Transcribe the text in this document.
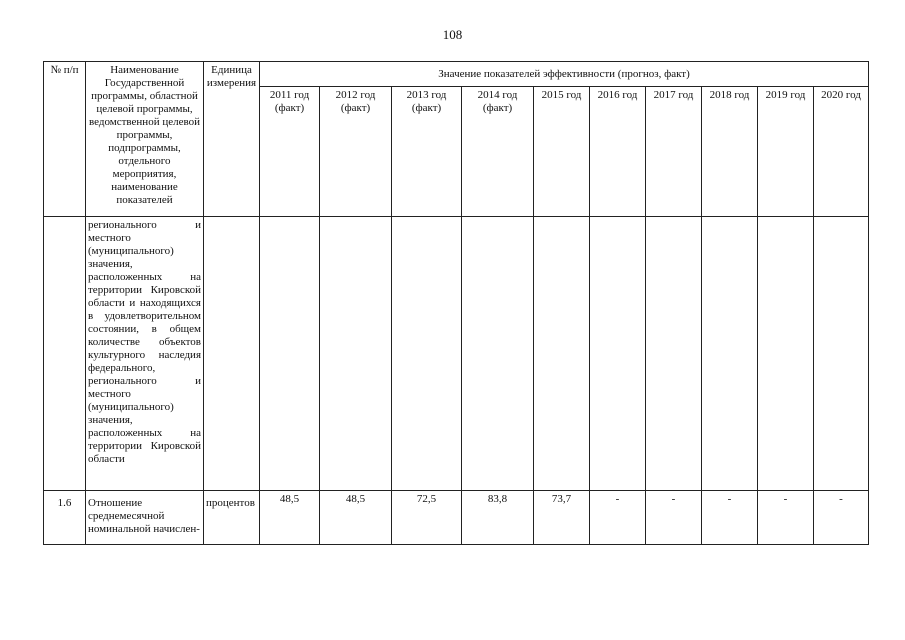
108
№ п/п	Наименование Государственной программы, областной целевой программы, ведомственной целевой программы, подпрограммы, отдельного мероприятия, наименование показателей	Единица измерения	Значение показателей эффективности (прогноз, факт)									
			2011 год (факт)	2012 год (факт)	2013 год (факт)	2014 год (факт)	2015 год	2016 год	2017 год	2018 год	2019 год	2020 год
	регионального и местного (муниципального) значения, расположенных на территории Кировской области и находящихся в удовлетворительном состоянии, в общем количестве объектов культурного наследия федерального, регионального и местного (муниципального) значения, расположенных на территории Кировской области											
1.6	Отношение среднемесячной номинальной начислен-	процентов	48,5	48,5	72,5	83,8	73,7	-	-	-	-	-
